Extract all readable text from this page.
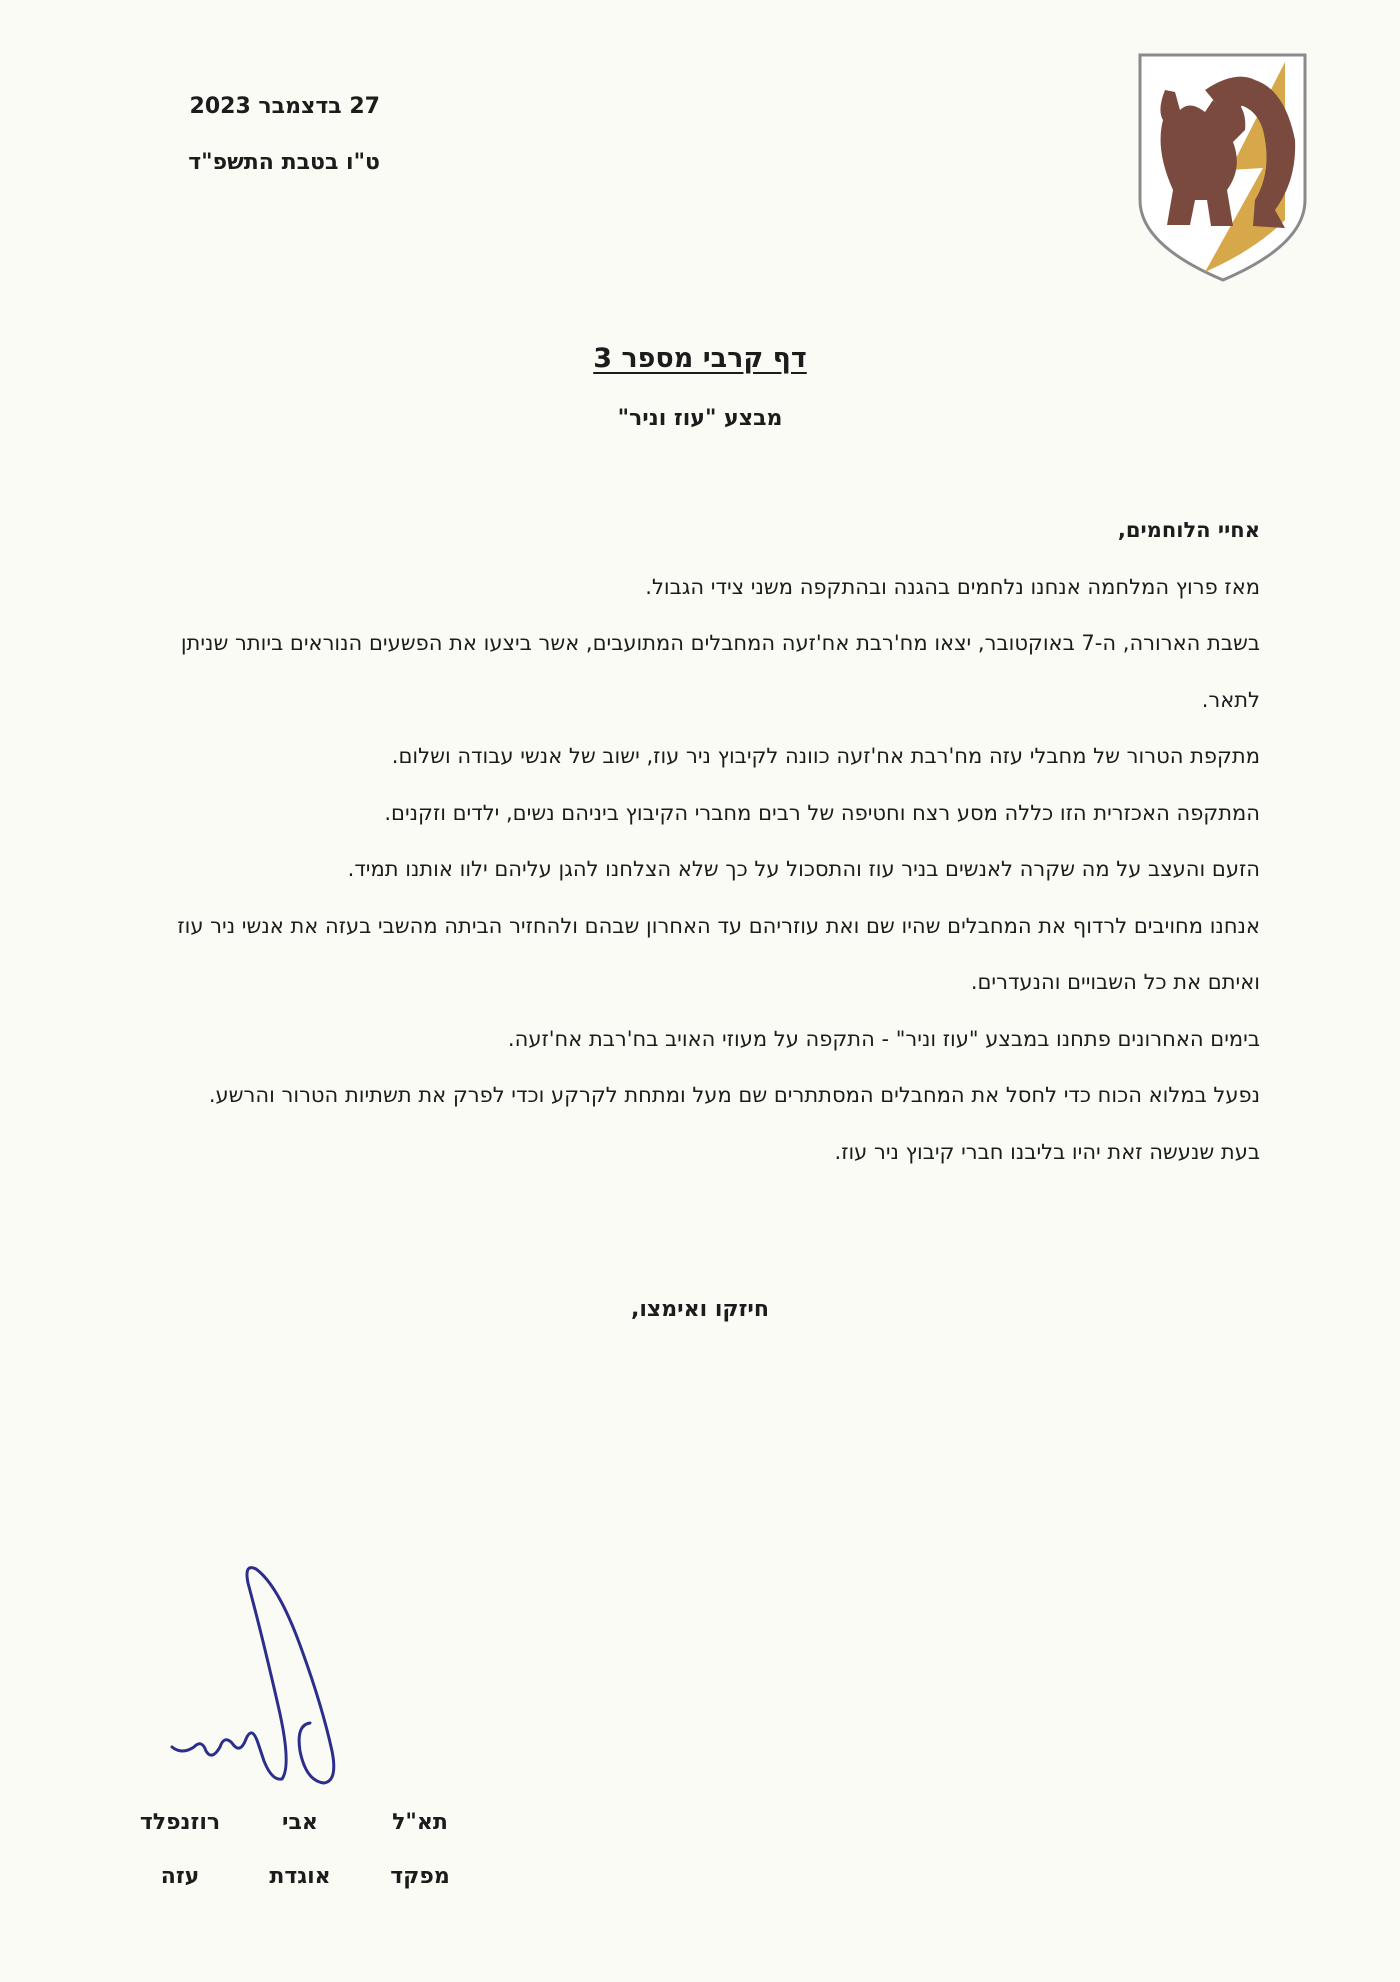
27 בדצמבר 2023
ט"ו בטבת התשפ"ד
דף קרבי מספר 3
מבצע "עוז וניר"
אחיי הלוחמים,

מאז פרוץ המלחמה אנחנו נלחמים בהגנה ובהתקפה משני צידי הגבול.

בשבת הארורה, ה-7 באוקטובר, יצאו מח'רבת אח'זעה המחבלים המתועבים, אשר ביצעו את הפשעים הנוראים ביותר שניתן לתאר.

מתקפת הטרור של מחבלי עזה מח'רבת אח'זעה כוונה לקיבוץ ניר עוז, ישוב של אנשי עבודה ושלום.

המתקפה האכזרית הזו כללה מסע רצח וחטיפה של רבים מחברי הקיבוץ ביניהם נשים, ילדים וזקנים.

הזעם והעצב על מה שקרה לאנשים בניר עוז והתסכול על כך שלא הצלחנו להגן עליהם ילוו אותנו תמיד.

אנחנו מחויבים לרדוף את המחבלים שהיו שם ואת עוזריהם עד האחרון שבהם ולהחזיר הביתה מהשבי בעזה את אנשי ניר עוז ואיתם את כל השבויים והנעדרים.

בימים האחרונים פתחנו במבצע "עוז וניר" - התקפה על מעוזי האויב בח'רבת אח'זעה.

נפעל במלוא הכוח כדי לחסל את המחבלים המסתתרים שם מעל ומתחת לקרקע וכדי לפרק את תשתיות הטרור והרשע.

בעת שנעשה זאת יהיו בליבנו חברי קיבוץ ניר עוז.

חיזקו ואימצו,
תא"ל
אבי
רוזנפלד
מפקד
אוגדת
עזה
